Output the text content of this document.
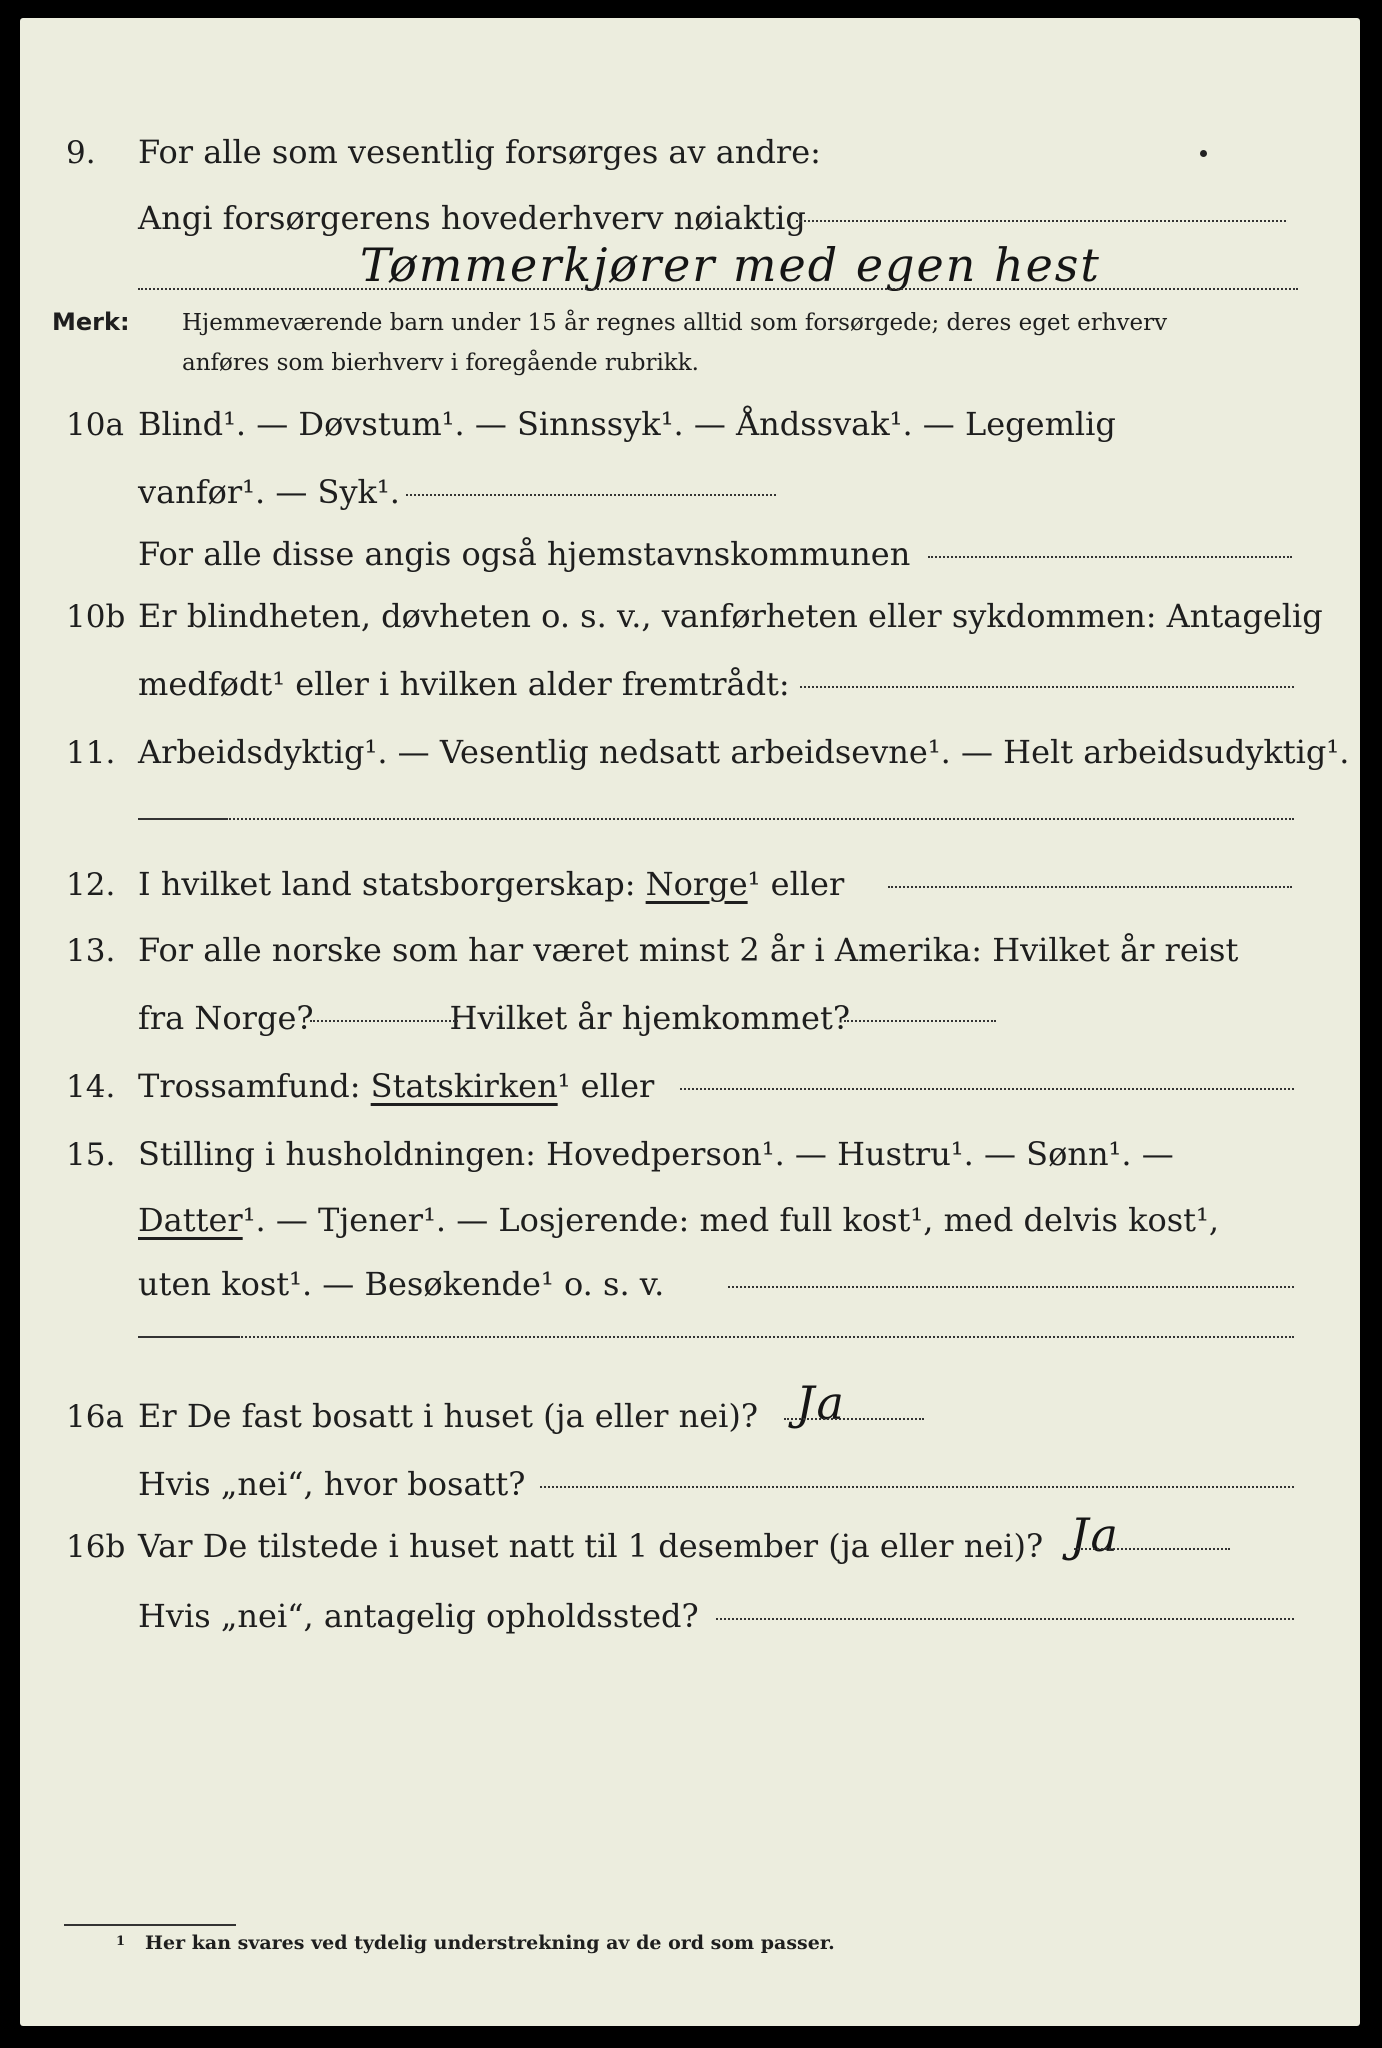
9. For alle som vesentlig forsørges av andre:
Angi forsørgerens hovederhverv nøiaktig
Tømmerkjører med egen hest
Merk: Hjemmeværende barn under 15 år regnes alltid som forsørgede; deres eget erhverv
anføres som bierhverv i foregående rubrikk.
10a Blind¹. — Døvstum¹. — Sinnssyk¹. — Åndssvak¹. — Legemlig
vanfør¹. — Syk¹.
For alle disse angis også hjemstavnskommunen
10b Er blindheten, døvheten o. s. v., vanførheten eller sykdommen: Antagelig
medfødt¹ eller i hvilken alder fremtrådt:
11. Arbeidsdyktig¹. — Vesentlig nedsatt arbeidsevne¹. — Helt arbeidsudyktig¹.
12. I hvilket land statsborgerskap: Norge¹ eller
13. For alle norske som har været minst 2 år i Amerika: Hvilket år reist
fra Norge?	Hvilket år hjemkommet?
14. Trossamfund: Statskirken¹ eller
15. Stilling i husholdningen: Hovedperson¹. — Hustru¹. — Sønn¹. —
Datter¹. — Tjener¹. — Losjerende: med full kost¹, med delvis kost¹,
uten kost¹. — Besøkende¹ o. s. v.
16a Er De fast bosatt i huset (ja eller nei)? Ja
Hvis „nei“, hvor bosatt?
16b Var De tilstede i huset natt til 1 desember (ja eller nei)? Ja
Hvis „nei“, antagelig opholdssted?
$^1$ Her kan svares ved tydelig understrekning av de ord som passer.
